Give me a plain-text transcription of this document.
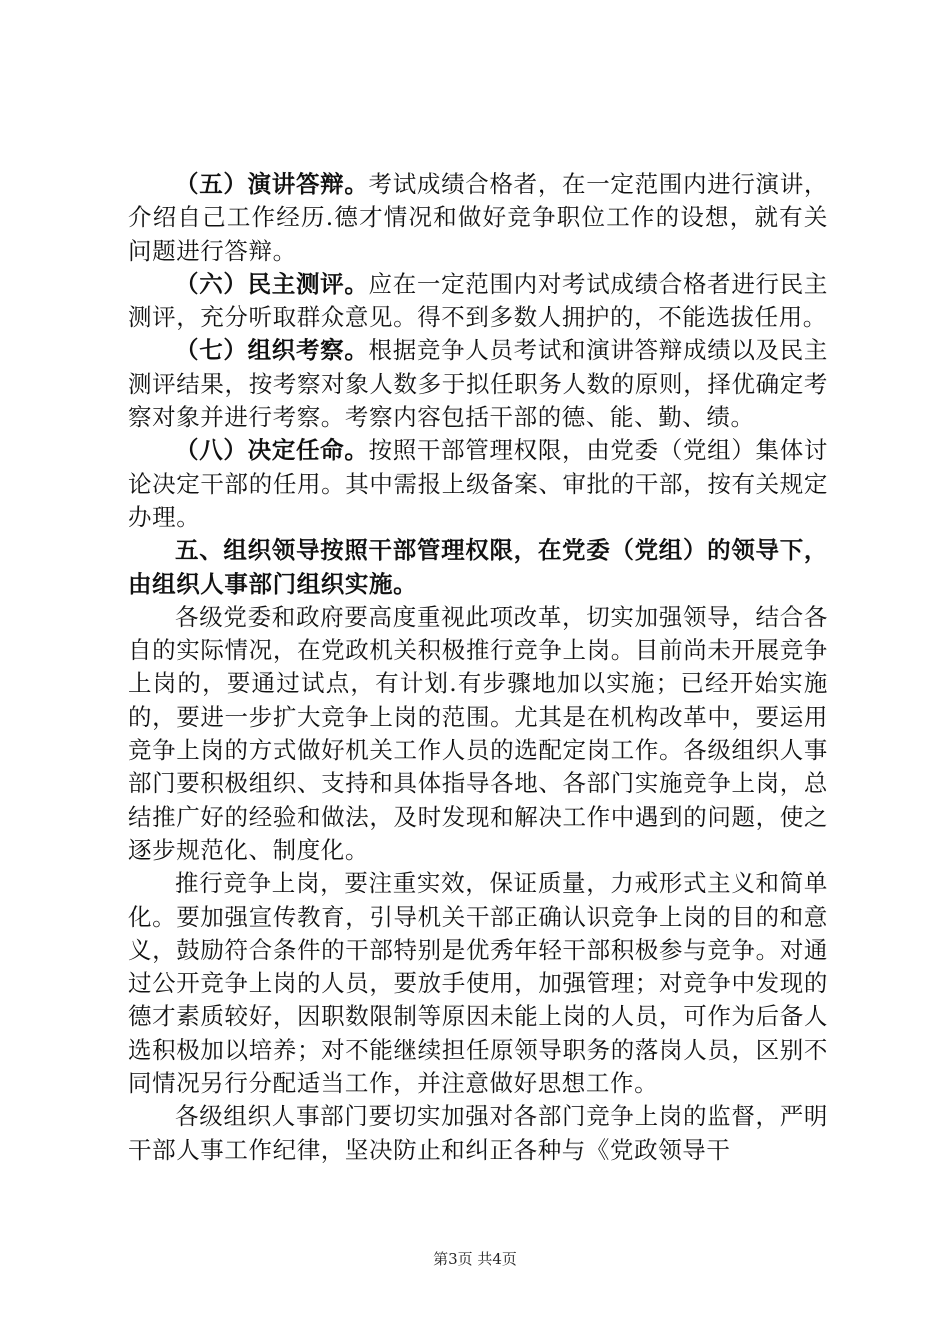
（五）演讲答辩。考试成绩合格者，在一定范围内进行演讲，介绍自己工作经历.德才情况和做好竞争职位工作的设想，就有关问题进行答辩。

（六）民主测评。应在一定范围内对考试成绩合格者进行民主测评，充分听取群众意见。得不到多数人拥护的，不能选拔任用。

（七）组织考察。根据竞争人员考试和演讲答辩成绩以及民主测评结果，按考察对象人数多于拟任职务人数的原则，择优确定考察对象并进行考察。考察内容包括干部的德、能、勤、绩。

（八）决定任命。按照干部管理权限，由党委（党组）集体讨论决定干部的任用。其中需报上级备案、审批的干部，按有关规定办理。

五、组织领导按照干部管理权限，在党委（党组）的领导下，由组织人事部门组织实施。

各级党委和政府要高度重视此项改革，切实加强领导，结合各自的实际情况，在党政机关积极推行竞争上岗。目前尚未开展竞争上岗的，要通过试点，有计划.有步骤地加以实施；已经开始实施的，要进一步扩大竞争上岗的范围。尤其是在机构改革中，要运用竞争上岗的方式做好机关工作人员的选配定岗工作。各级组织人事部门要积极组织、支持和具体指导各地、各部门实施竞争上岗，总结推广好的经验和做法，及时发现和解决工作中遇到的问题，使之逐步规范化、制度化。

推行竞争上岗，要注重实效，保证质量，力戒形式主义和简单化。要加强宣传教育，引导机关干部正确认识竞争上岗的目的和意义，鼓励符合条件的干部特别是优秀年轻干部积极参与竞争。对通过公开竞争上岗的人员，要放手使用，加强管理；对竞争中发现的德才素质较好，因职数限制等原因未能上岗的人员，可作为后备人选积极加以培养；对不能继续担任原领导职务的落岗人员，区别不同情况另行分配适当工作，并注意做好思想工作。

各级组织人事部门要切实加强对各部门竞争上岗的监督，严明干部人事工作纪律，坚决防止和纠正各种与《党政领导干

第3页 共4页
